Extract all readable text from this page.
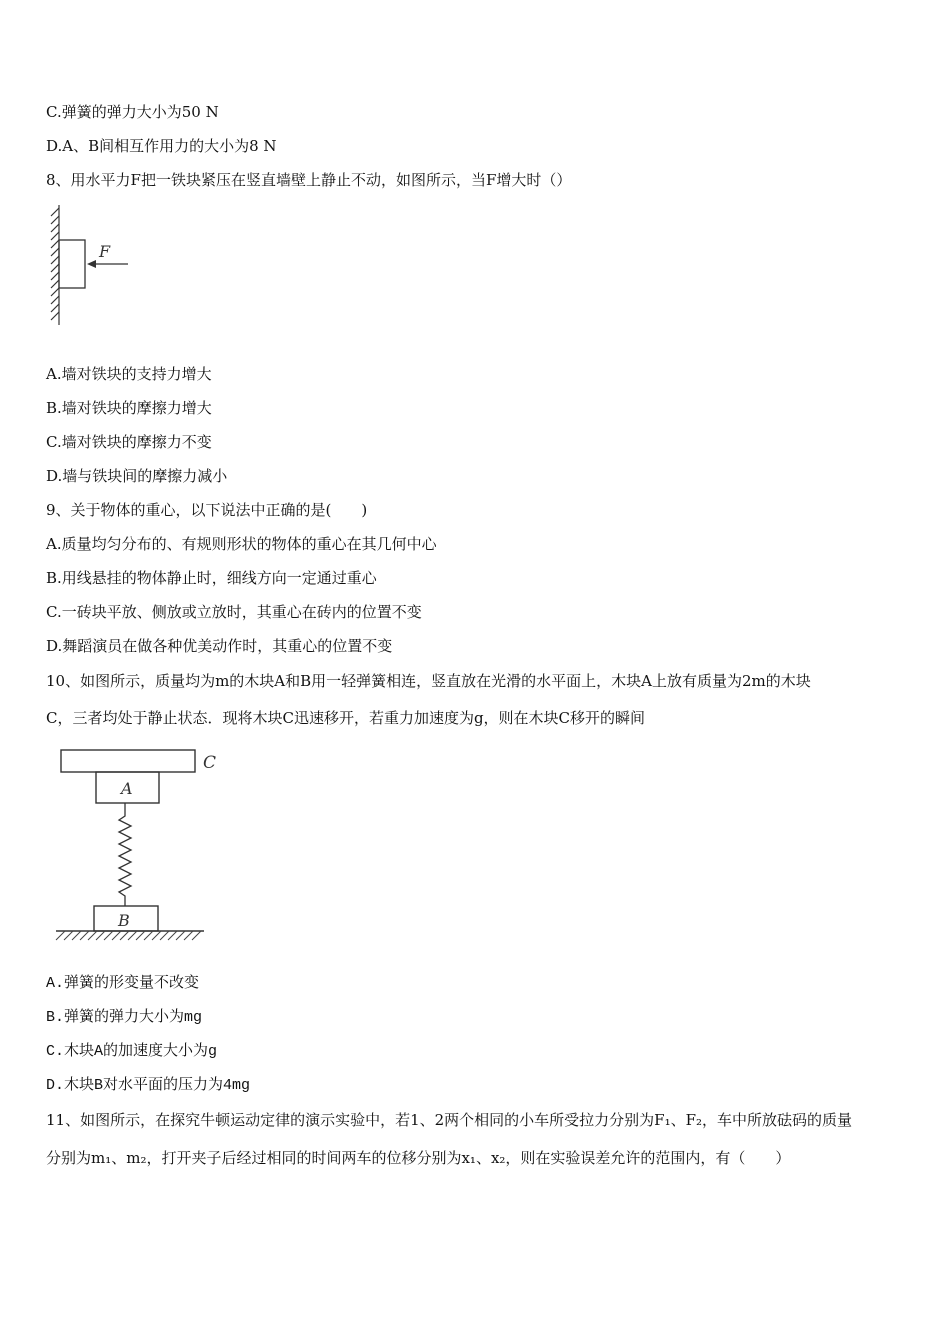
C.弹簧的弹力大小为50 N

D.A、B间相互作用力的大小为8 N

8、用水平力F把一铁块紧压在竖直墙壁上静止不动，如图所示，当F增大时（）

F

A.墙对铁块的支持力增大

B.墙对铁块的摩擦力增大

C.墙对铁块的摩擦力不变

D.墙与铁块间的摩擦力减小

9、关于物体的重心，以下说法中正确的是(　　)

A.质量均匀分布的、有规则形状的物体的重心在其几何中心

B.用线悬挂的物体静止时，细线方向一定通过重心

C.一砖块平放、侧放或立放时，其重心在砖内的位置不变

D.舞蹈演员在做各种优美动作时，其重心的位置不变

10、如图所示，质量均为m的木块A和B用一轻弹簧相连，竖直放在光滑的水平面上，木块A上放有质量为2m的木块

C，三者均处于静止状态．现将木块C迅速移开，若重力加速度为g，则在木块C移开的瞬间

C
A
B

A.弹簧的形变量不改变

B.弹簧的弹力大小为mg

C.木块A的加速度大小为g

D.木块B对水平面的压力为4mg

11、如图所示，在探究牛顿运动定律的演示实验中，若1、2两个相同的小车所受拉力分别为F₁、F₂，车中所放砝码的质量

分别为m₁、m₂，打开夹子后经过相同的时间两车的位移分别为x₁、x₂，则在实验误差允许的范围内，有（　　）
